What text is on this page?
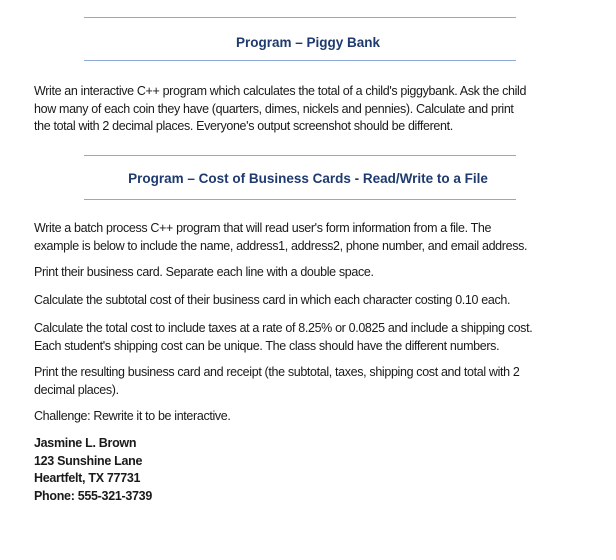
Program – Piggy Bank
Write an interactive C++ program which calculates the total of a child's piggybank. Ask the child
how many of each coin they have (quarters, dimes, nickels and pennies). Calculate and print
the total with 2 decimal places. Everyone's output screenshot should be different.
Program – Cost of Business Cards - Read/Write to a File
Write a batch process C++ program that will read user's form information from a file. The
example is below to include the name, address1, address2, phone number, and email address.
Print their business card. Separate each line with a double space.
Calculate the subtotal cost of their business card in which each character costing 0.10 each.
Calculate the total cost to include taxes at a rate of 8.25% or 0.0825 and include a shipping cost.
Each student's shipping cost can be unique. The class should have the different numbers.
Print the resulting business card and receipt (the subtotal, taxes, shipping cost and total with 2
decimal places).
Challenge: Rewrite it to be interactive.
Jasmine L. Brown
123 Sunshine Lane
Heartfelt, TX 77731
Phone: 555-321-3739
